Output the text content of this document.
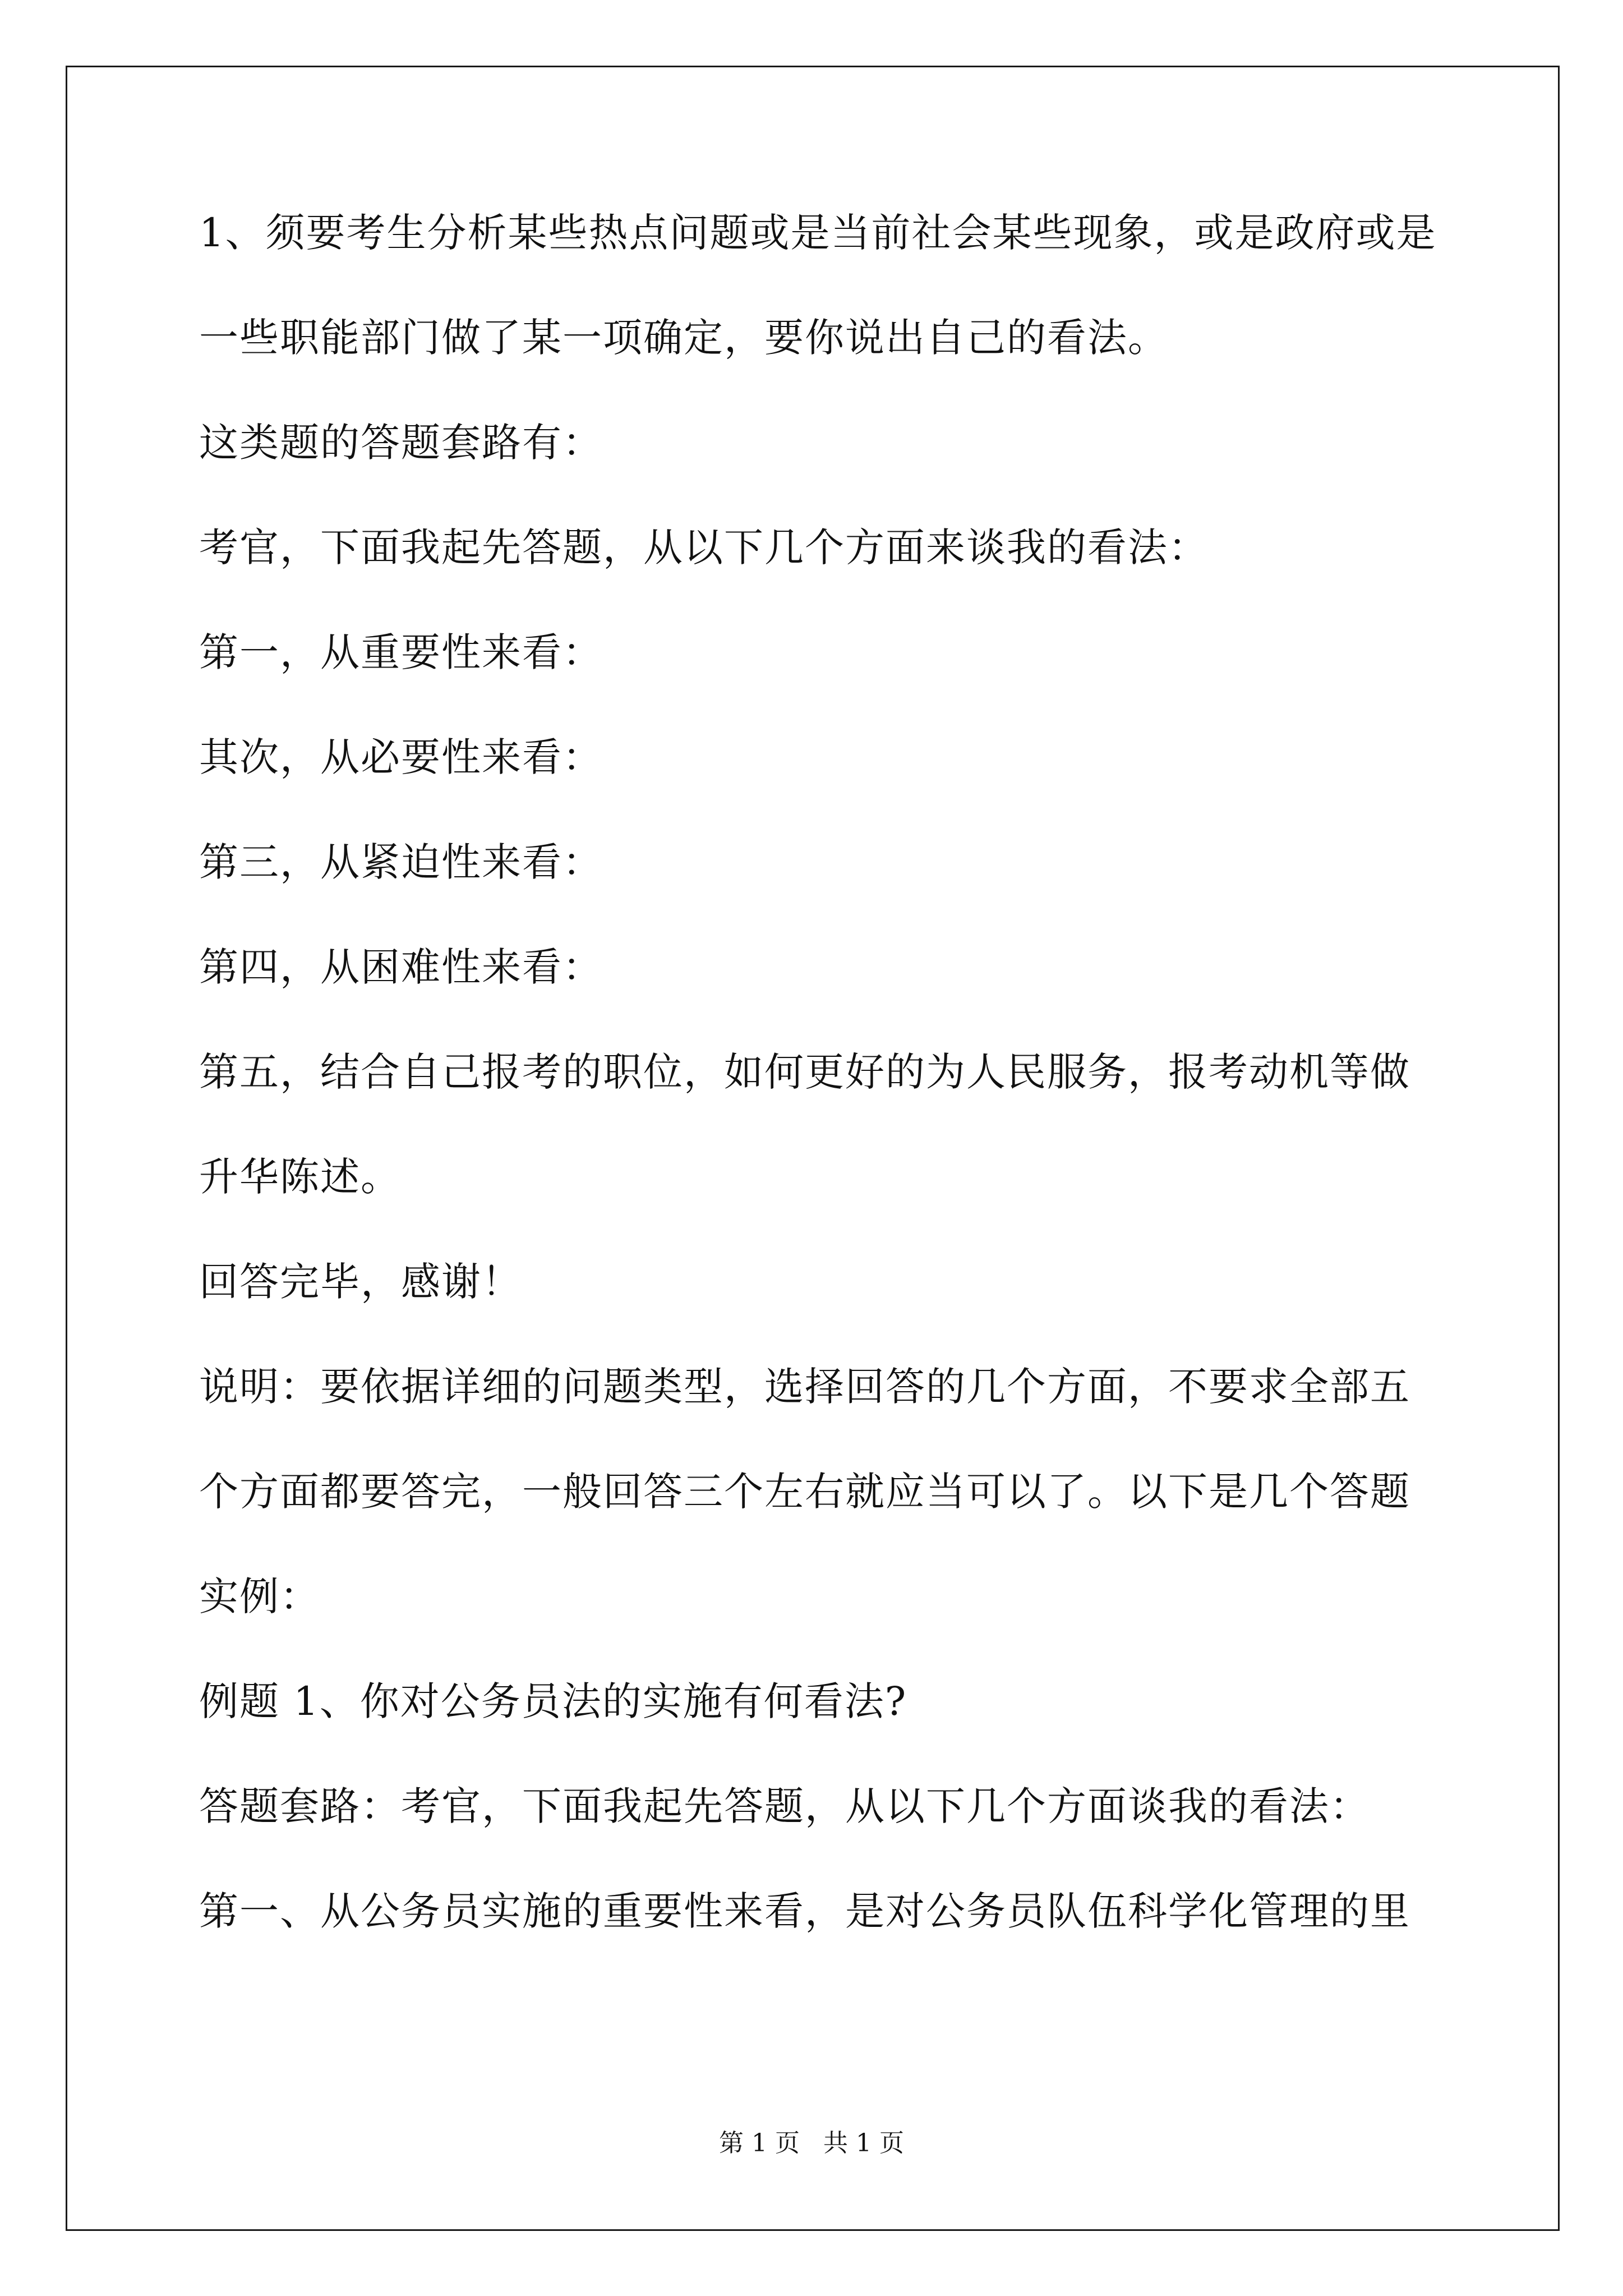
1、须要考生分析某些热点问题或是当前社会某些现象，或是政府或是
一些职能部门做了某一项确定，要你说出自己的看法。
这类题的答题套路有：
考官，下面我起先答题，从以下几个方面来谈我的看法：
第一，从重要性来看：
其次，从必要性来看：
第三，从紧迫性来看：
第四，从困难性来看：
第五，结合自己报考的职位，如何更好的为人民服务，报考动机等做
升华陈述。
回答完毕，感谢！
说明：要依据详细的问题类型，选择回答的几个方面，不要求全部五
个方面都要答完，一般回答三个左右就应当可以了。以下是几个答题
实例：
例题 1、你对公务员法的实施有何看法?
答题套路：考官，下面我起先答题，从以下几个方面谈我的看法：
第一、从公务员实施的重要性来看，是对公务员队伍科学化管理的里
第 1 页   共 1 页
